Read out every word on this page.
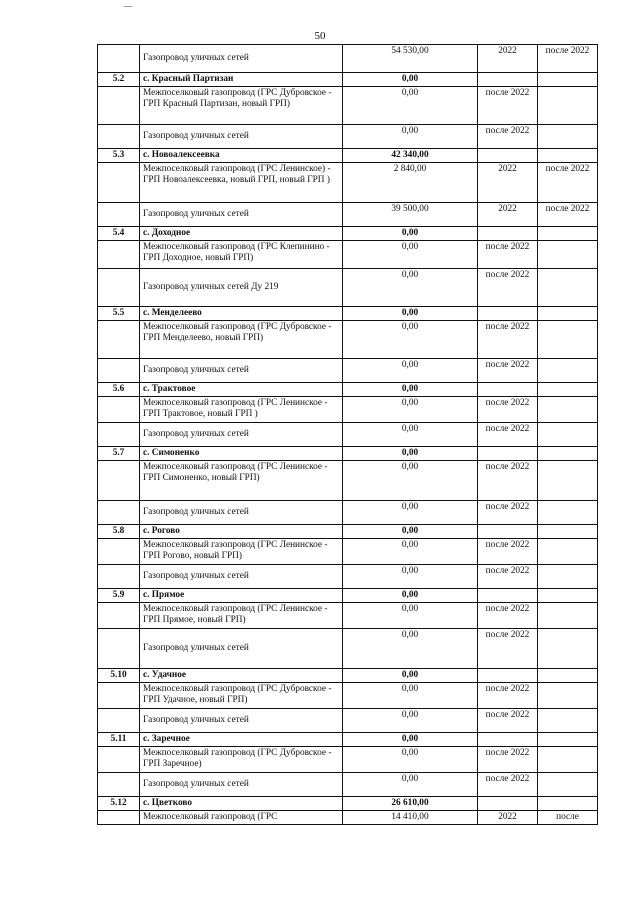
50
	Газопровод уличных сетей	54 530,00	2022	после 2022
5.2	с. Красный Партизан	0,00		
	Межпоселковый газопровод (ГРС Дубровское - ГРП Красный Партизан, новый ГРП)	0,00	после 2022	
	Газопровод уличных сетей	0,00	после 2022	
5.3	с. Новоалексеевка	42 340,00		
	Межпоселковый газопровод (ГРС Ленинское) - ГРП Новоалексеевка, новый ГРП, новый ГРП )	2 840,00	2022	после 2022
	Газопровод уличных сетей	39 500,00	2022	после 2022
5.4	с. Доходное	0,00		
	Межпоселковый газопровод (ГРС Клепинино - ГРП Доходное, новый ГРП)	0,00	после 2022	
	Газопровод уличных сетей Ду 219	0,00	после 2022	
5.5	с. Менделеево	0,00		
	Межпоселковый газопровод (ГРС Дубровское - ГРП Менделеево, новый ГРП)	0,00	после 2022	
	Газопровод уличных сетей	0,00	после 2022	
5.6	с. Трактовое	0,00		
	Межпоселковый газопровод (ГРС Ленинское - ГРП Трактовое, новый ГРП )	0,00	после 2022	
	Газопровод уличных сетей	0,00	после 2022	
5.7	с. Симоненко	0,00		
	Межпоселковый газопровод (ГРС Ленинское - ГРП Симоненко, новый ГРП)	0,00	после 2022	
	Газопровод уличных сетей	0,00	после 2022	
5.8	с. Рогово	0,00		
	Межпоселковый газопровод (ГРС Ленинское - ГРП Рогово, новый ГРП)	0,00	после 2022	
	Газопровод уличных сетей	0,00	после 2022	
5.9	с. Прямое	0,00		
	Межпоселковый газопровод (ГРС Ленинское - ГРП Прямое, новый ГРП)	0,00	после 2022	
	Газопровод уличных сетей	0,00	после 2022	
5.10	с. Удачное	0,00		
	Межпоселковый газопровод (ГРС Дубровское - ГРП Удачное, новый ГРП)	0,00	после 2022	
	Газопровод уличных сетей	0,00	после 2022	
5.11	с. Заречное	0,00		
	Межпоселковый газопровод (ГРС Дубровское - ГРП Заречное)	0,00	после 2022	
	Газопровод уличных сетей	0,00	после 2022	
5.12	с. Цветково	26 610,00		
	Межпоселковый газопровод (ГРС	14 410,00	2022	после
